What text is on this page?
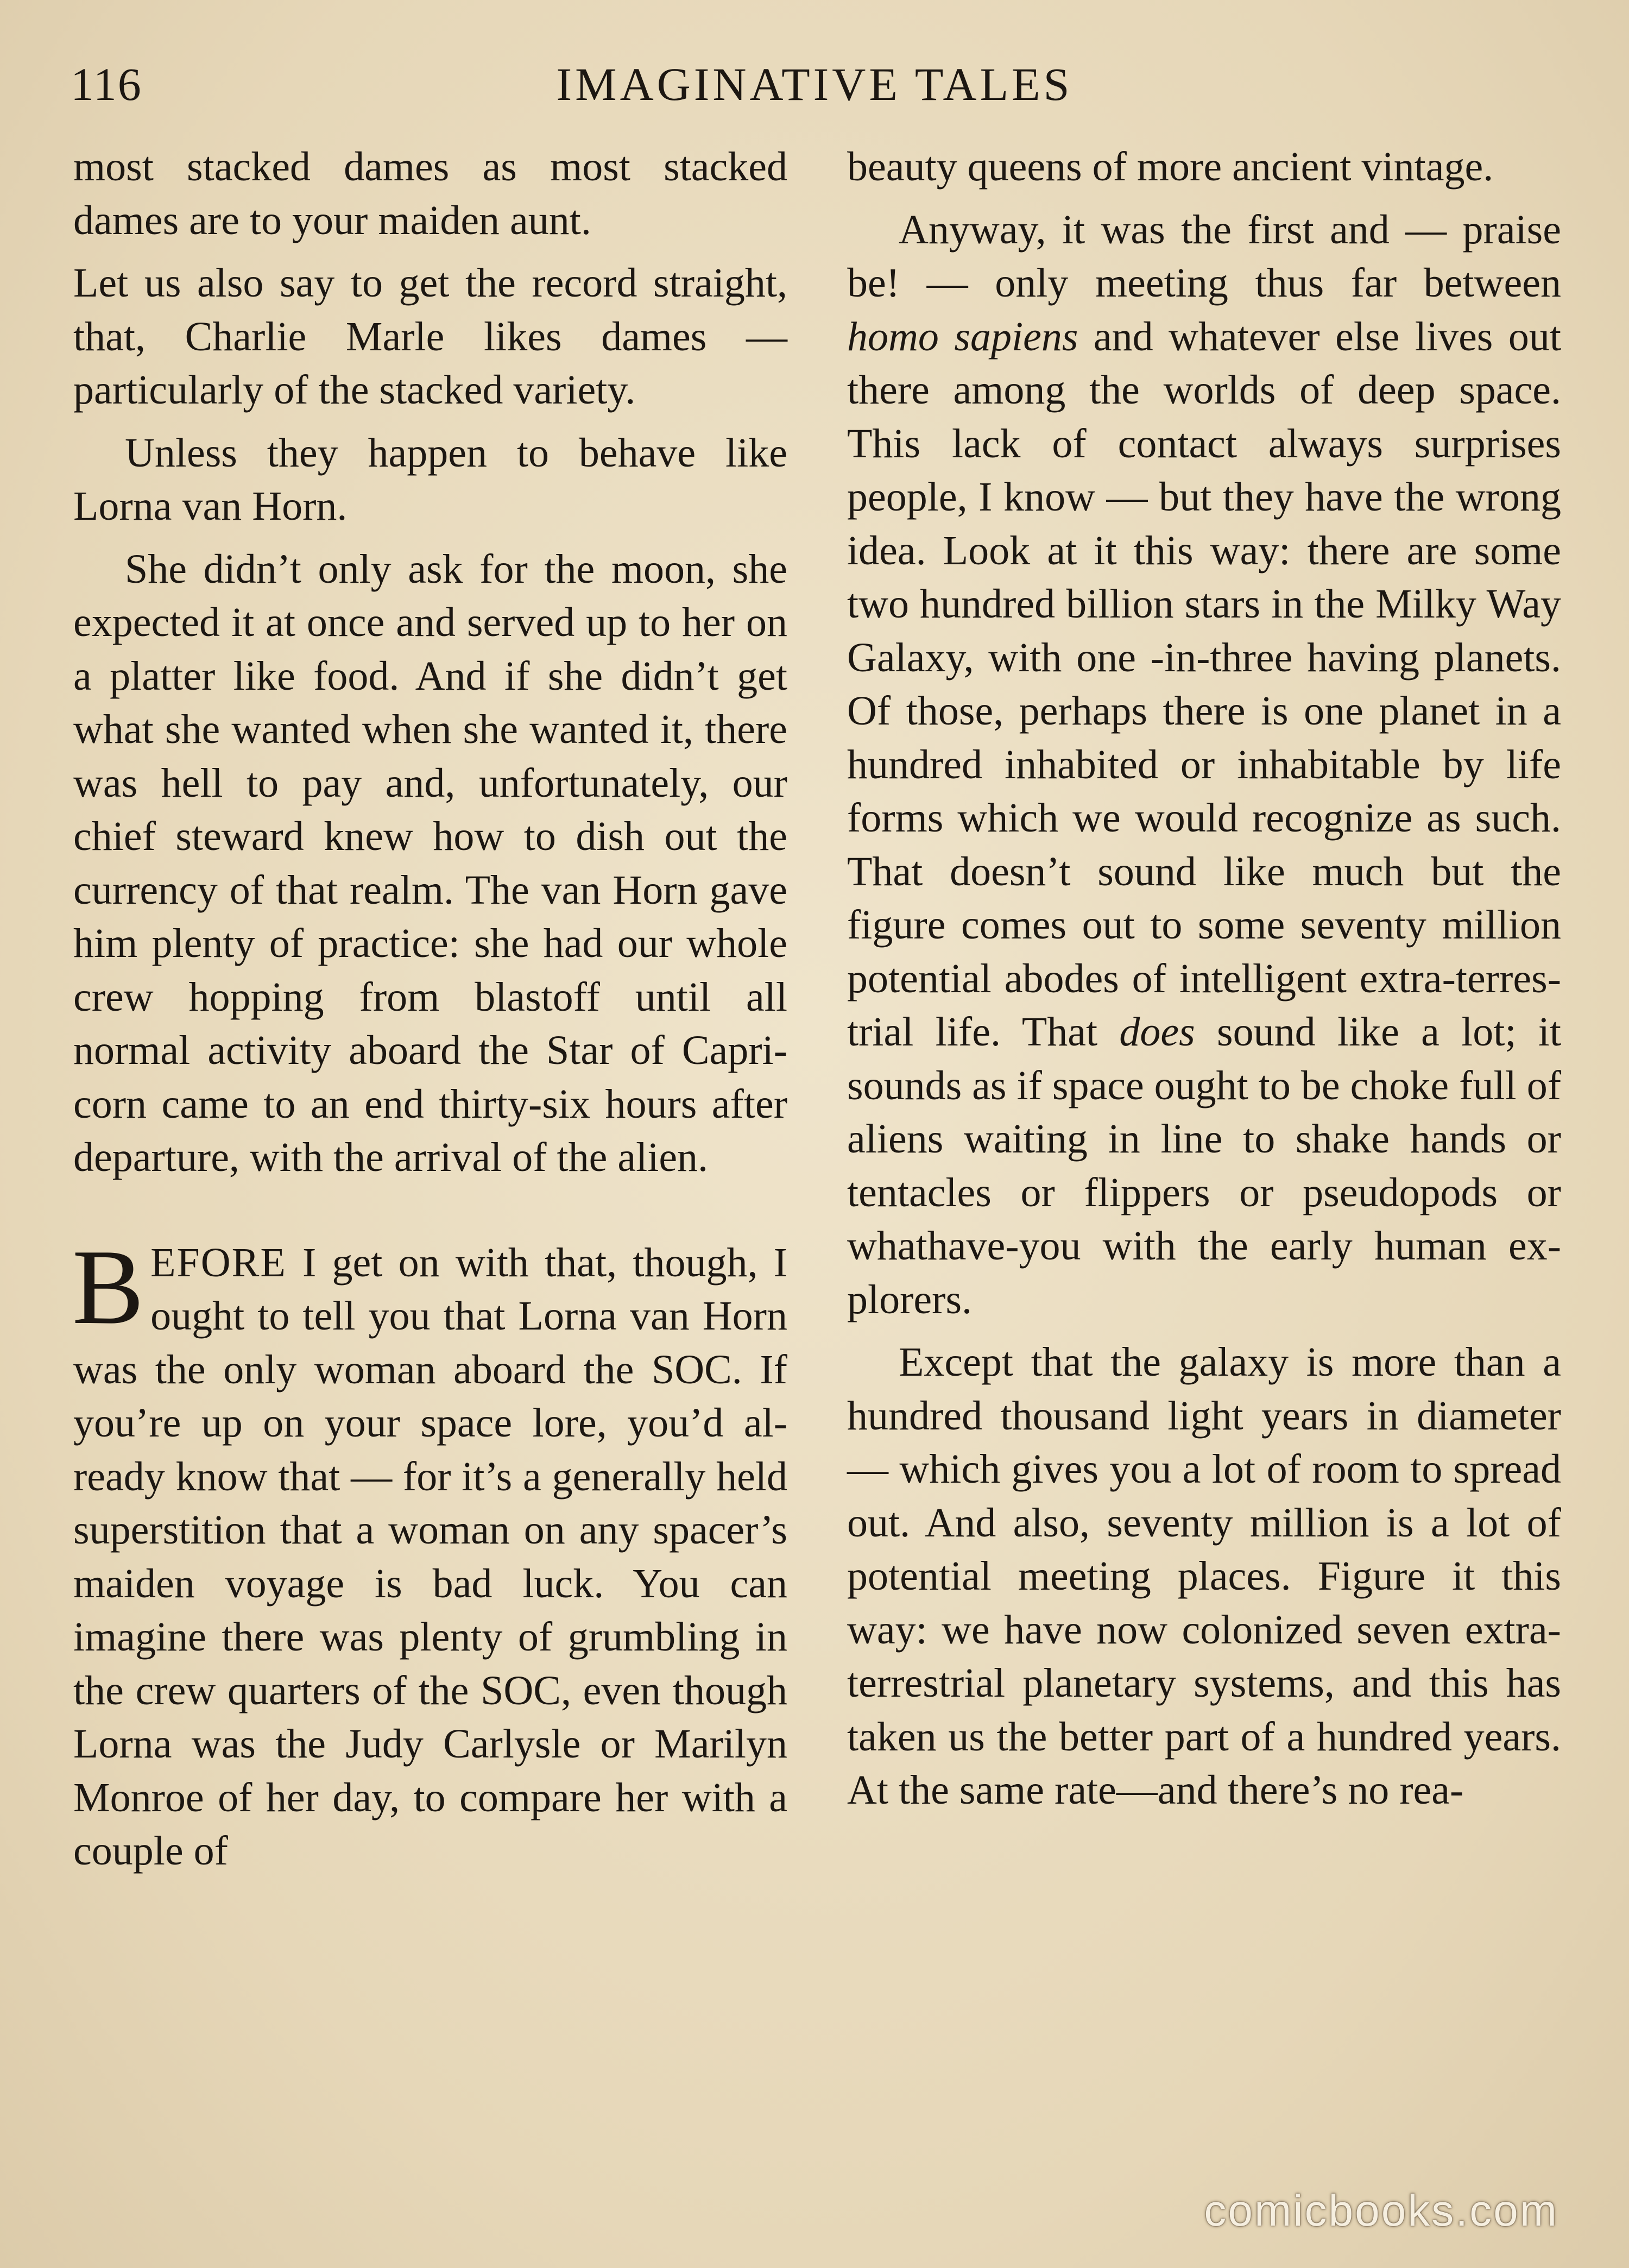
116	IMAGINATIVE TALES

most stacked dames as most stacked dames are to your maiden aunt.

Let us also say to get the record straight, that, Charlie Marle likes dames — particularly of the stacked variety.

Unless they happen to behave like Lorna van Horn.

She didn’t only ask for the moon, she expected it at once and served up to her on a platter like food. And if she didn’t get what she wanted when she wanted it, there was hell to pay and, unfortunately, our chief steward knew how to dish out the currency of that realm. The van Horn gave him plenty of practice: she had our whole crew hopping from blastoff until all normal activity aboard the Star of Capricorn came to an end thirty-six hours after departure, with the arrival of the alien.

BEFORE I get on with that, though, I ought to tell you that Lorna van Horn was the only woman aboard the SOC. If you’re up on your space lore, you’d already know that — for it’s a generally held superstition that a woman on any spacer’s maiden voyage is bad luck. You can imagine there was plenty of grumbling in the crew quarters of the SOC, even though Lorna was the Judy Carlysle or Marilyn Monroe of her day, to compare her with a couple of

beauty queens of more ancient vintage.

Anyway, it was the first and — praise be! — only meeting thus far between homo sapiens and whatever else lives out there among the worlds of deep space. This lack of contact always surprises people, I know — but they have the wrong idea. Look at it this way: there are some two hundred billion stars in the Milky Way Galaxy, with one -in-three having planets. Of those, perhaps there is one planet in a hundred inhabited or inhabitable by life forms which we would recognize as such. That doesn’t sound like much but the figure comes out to some seventy million potential abodes of intelligent extra-terrestrial life. That does sound like a lot; it sounds as if space ought to be choke full of aliens waiting in line to shake hands or tentacles or flippers or pseudopods or whathave-you with the early human explorers.

Except that the galaxy is more than a hundred thousand light years in diameter — which gives you a lot of room to spread out. And also, seventy million is a lot of potential meeting places. Figure it this way: we have now colonized seven extra-terrestrial planetary systems, and this has taken us the better part of a hundred years. At the same rate—and there’s no rea-

comicbooks.com
